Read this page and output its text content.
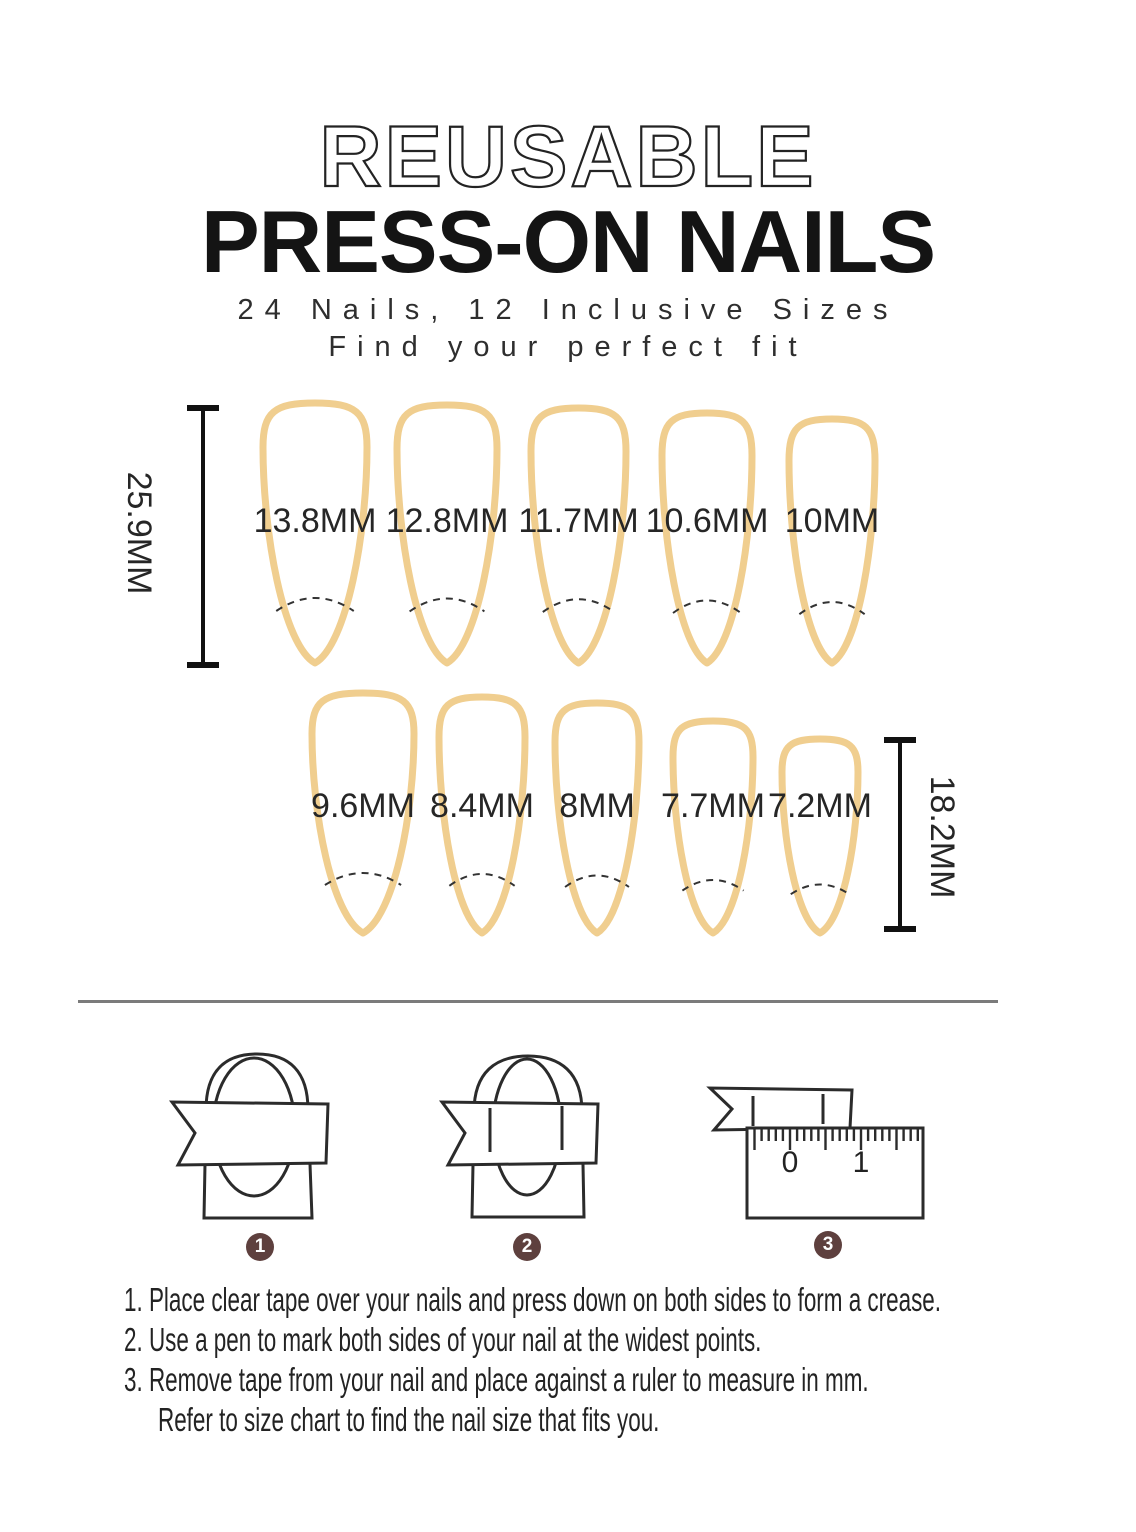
REUSABLE
PRESS-ON NAILS
24 Nails, 12 Inclusive Sizes
Find your perfect fit
25.9MM
18.2MM
13.8MM 12.8MM 11.7MM 10.6MM 10MM
9.6MM 8.4MM 8MM 7.7MM 7.2MM
0 1
1	2	3
1. Place clear tape over your nails and press down on both sides to form a crease.
2. Use a pen to mark both sides of your nail at the widest points.
3. Remove tape from your nail and place against a ruler to measure in mm.
Refer to size chart to find the nail size that fits you.
